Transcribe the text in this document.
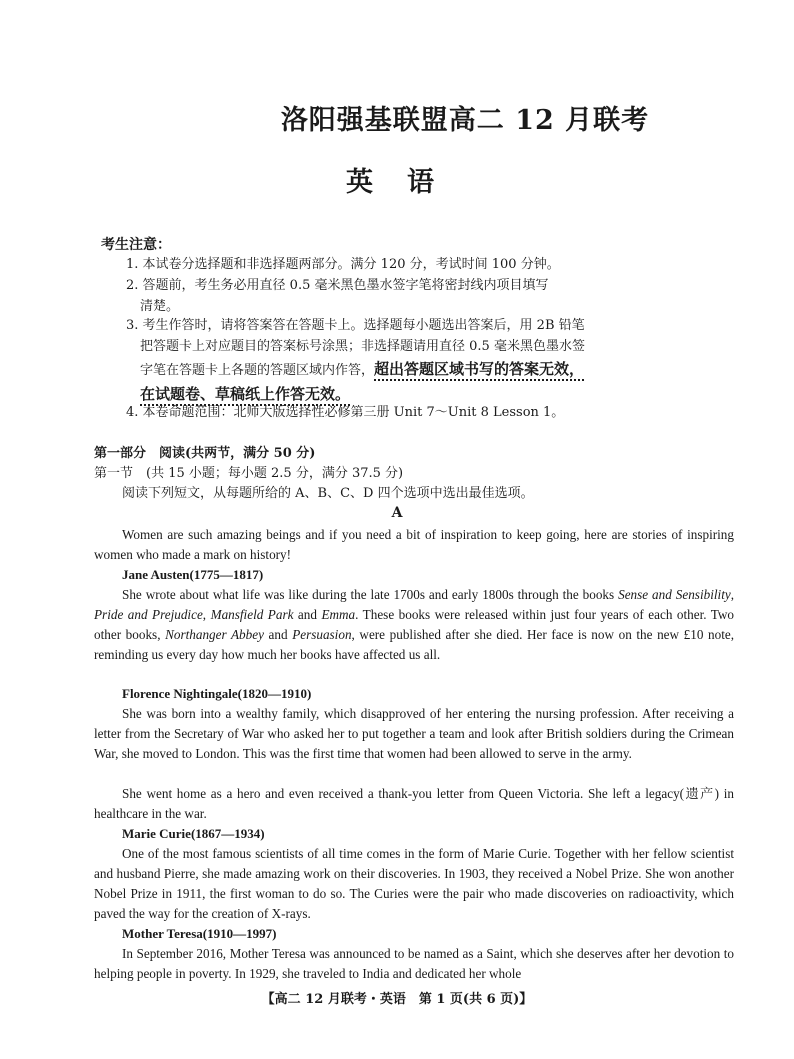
洛阳强基联盟高二 12 月联考
英语
考生注意：
1. 本试卷分选择题和非选择题两部分。满分 120 分，考试时间 100 分钟。
2. 答题前，考生务必用直径 0.5 毫米黑色墨水签字笔将密封线内项目填写
清楚。
3. 考生作答时，请将答案答在答题卡上。选择题每小题选出答案后，用 2B 铅笔
把答题卡上对应题目的答案标号涂黑；非选择题请用直径 0.5 毫米黑色墨水签
字笔在答题卡上各题的答题区域内作答，超出答题区域书写的答案无效，
在试题卷、草稿纸上作答无效。
4. 本卷命题范围：北师大版选择性必修第三册 Unit 7～Unit 8 Lesson 1。
第一部分　阅读(共两节，满分 50 分)
第一节　(共 15 小题；每小题 2.5 分，满分 37.5 分)
阅读下列短文，从每题所给的 A、B、C、D 四个选项中选出最佳选项。
A
Women are such amazing beings and if you need a bit of inspiration to keep going, here are stories of inspiring women who made a mark on history!
Jane Austen(1775—1817)
She wrote about what life was like during the late 1700s and early 1800s through the books Sense and Sensibility, Pride and Prejudice, Mansfield Park and Emma. These books were released within just four years of each other. Two other books, Northanger Abbey and Persuasion, were published after she died. Her face is now on the new £10 note, reminding us every day how much her books have affected us all.
Florence Nightingale(1820—1910)
She was born into a wealthy family, which disapproved of her entering the nursing profession. After receiving a letter from the Secretary of War who asked her to put together a team and look after British soldiers during the Crimean War, she moved to London. This was the first time that women had been allowed to serve in the army.
She went home as a hero and even received a thank-you letter from Queen Victoria. She left a legacy(遗产) in healthcare in the war.
Marie Curie(1867—1934)
One of the most famous scientists of all time comes in the form of Marie Curie. Together with her fellow scientist and husband Pierre, she made amazing work on their discoveries. In 1903, they received a Nobel Prize. She won another Nobel Prize in 1911, the first woman to do so. The Curies were the pair who made discoveries on radioactivity, which paved the way for the creation of X-rays.
Mother Teresa(1910—1997)
In September 2016, Mother Teresa was announced to be named as a Saint, which she deserves after her devotion to helping people in poverty. In 1929, she traveled to India and dedicated her whole
【高二 12 月联考・英语　第 1 页(共 6 页)】
